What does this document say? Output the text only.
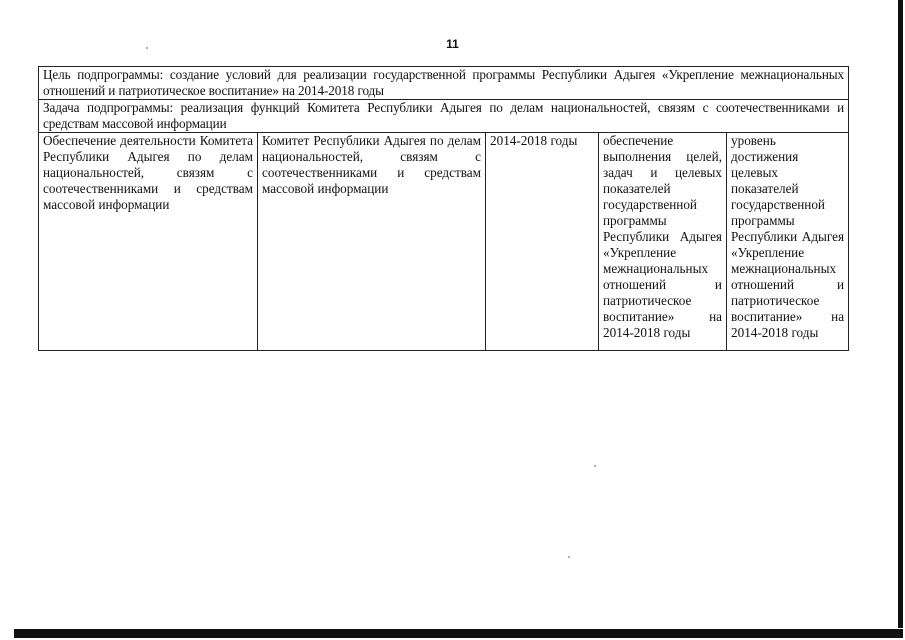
11
Цель подпрограммы: создание условий для реализации государственной программы Республики Адыгея «Укрепление межнациональных отношений и патриотическое воспитание» на 2014-2018 годы
Задача подпрограммы: реализация функций Комитета Республики Адыгея по делам национальностей, связям с соотечественниками и средствам массовой информации
Обеспечение деятельности Комитета Республики Адыгея по делам национальностей, связям с соотечественниками и средствам массовой информации	Комитет Республики Адыгея по делам национальностей, связям с соотечественниками и средствам массовой информации	2014-2018 годы	обеспечение выполнения целей, задач и целевых показателей государственной программы Республики Адыгея «Укрепление межнациональных отношений и патриотическое воспитание» на 2014-2018 годы	уровень достижения целевых показателей государственной программы Республики Адыгея «Укрепление межнациональных отношений и патриотическое воспитание» на 2014-2018 годы
